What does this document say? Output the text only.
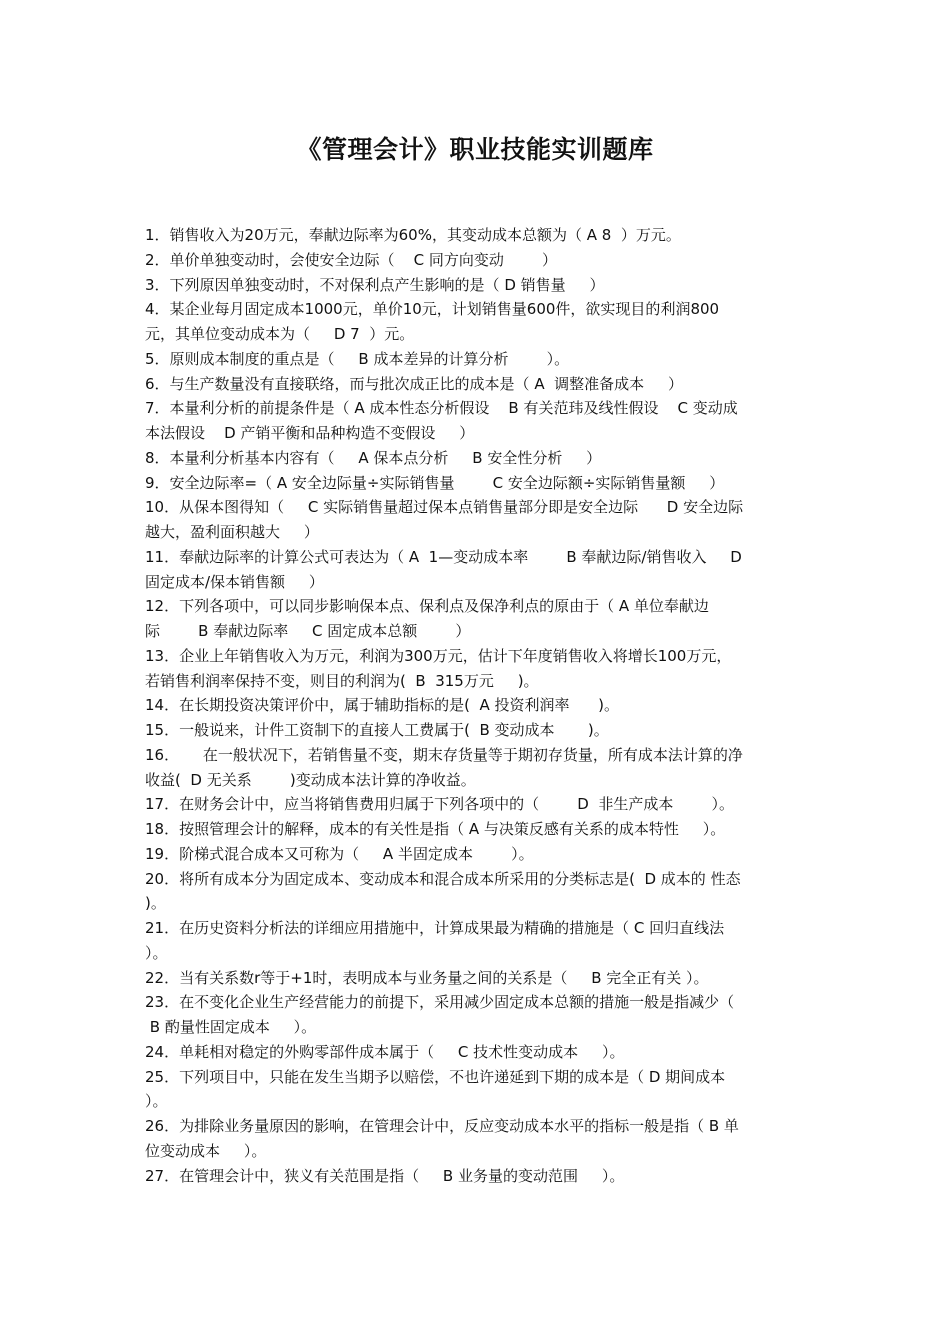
《管理会计》职业技能实训题库
1．销售收入为20万元，奉献边际率为60%，其变动成本总额为（ A 8  ）万元。
2．单价单独变动时，会使安全边际（    C 同方向变动        ）
3．下列原因单独变动时，不对保利点产生影响的是（ D 销售量     ）
4．某企业每月固定成本1000元，单价10元，计划销售量600件，欲实现目的利润800
元，其单位变动成本为（     D 7  ）元。
5．原则成本制度的重点是（     B 成本差异的计算分析        ）。
6．与生产数量没有直接联络，而与批次成正比的成本是（ A  调整准备成本     ）
7．本量利分析的前提条件是（ A 成本性态分析假设    B 有关范玮及线性假设    C 变动成
本法假设    D 产销平衡和品种构造不变假设     ）
8．本量利分析基本内容有（     A 保本点分析     B 安全性分析     ）
9．安全边际率=（ A 安全边际量÷实际销售量        C 安全边际额÷实际销售量额     ）
10．从保本图得知（     C 实际销售量超过保本点销售量部分即是安全边际      D 安全边际
越大，盈利面积越大     ）
11．奉献边际率的计算公式可表达为（ A  1—变动成本率        B 奉献边际/销售收入     D
固定成本/保本销售额     ）
12．下列各项中，可以同步影响保本点、保利点及保净利点的原由于（ A 单位奉献边
际        B 奉献边际率     C 固定成本总额        ）
13．企业上年销售收入为万元，利润为300万元，估计下年度销售收入将增长100万元，
若销售利润率保持不变，则目的利润为(  B  315万元     )。
14．在长期投资决策评价中，属于辅助指标的是(  A 投资利润率      )。
15．一般说来，计件工资制下的直接人工费属于(  B 变动成本       )。
16．     在一般状况下，若销售量不变，期末存货量等于期初存货量，所有成本法计算的净
收益(  D 无关系        )变动成本法计算的净收益。
17．在财务会计中，应当将销售费用归属于下列各项中的（        D  非生产成本        ）。
18．按照管理会计的解释，成本的有关性是指（ A 与决策反感有关系的成本特性     ）。
19．阶梯式混合成本又可称为（     A 半固定成本        ）。
20．将所有成本分为固定成本、变动成本和混合成本所采用的分类标志是(  D 成本的 性态
)。
21．在历史资料分析法的详细应用措施中，计算成果最为精确的措施是（ C 回归直线法
）。
22．当有关系数r等于+1时，表明成本与业务量之间的关系是（     B 完全正有关 ）。
23．在不变化企业生产经营能力的前提下，采用减少固定成本总额的措施一般是指减少（
B 酌量性固定成本     ）。
24．单耗相对稳定的外购零部件成本属于（     C 技术性变动成本     ）。
25．下列项目中，只能在发生当期予以赔偿，不也许递延到下期的成本是（ D 期间成本
）。
26．为排除业务量原因的影响，在管理会计中，反应变动成本水平的指标一般是指（ B 单
位变动成本     ）。
27．在管理会计中，狭义有关范围是指（     B 业务量的变动范围     ）。
